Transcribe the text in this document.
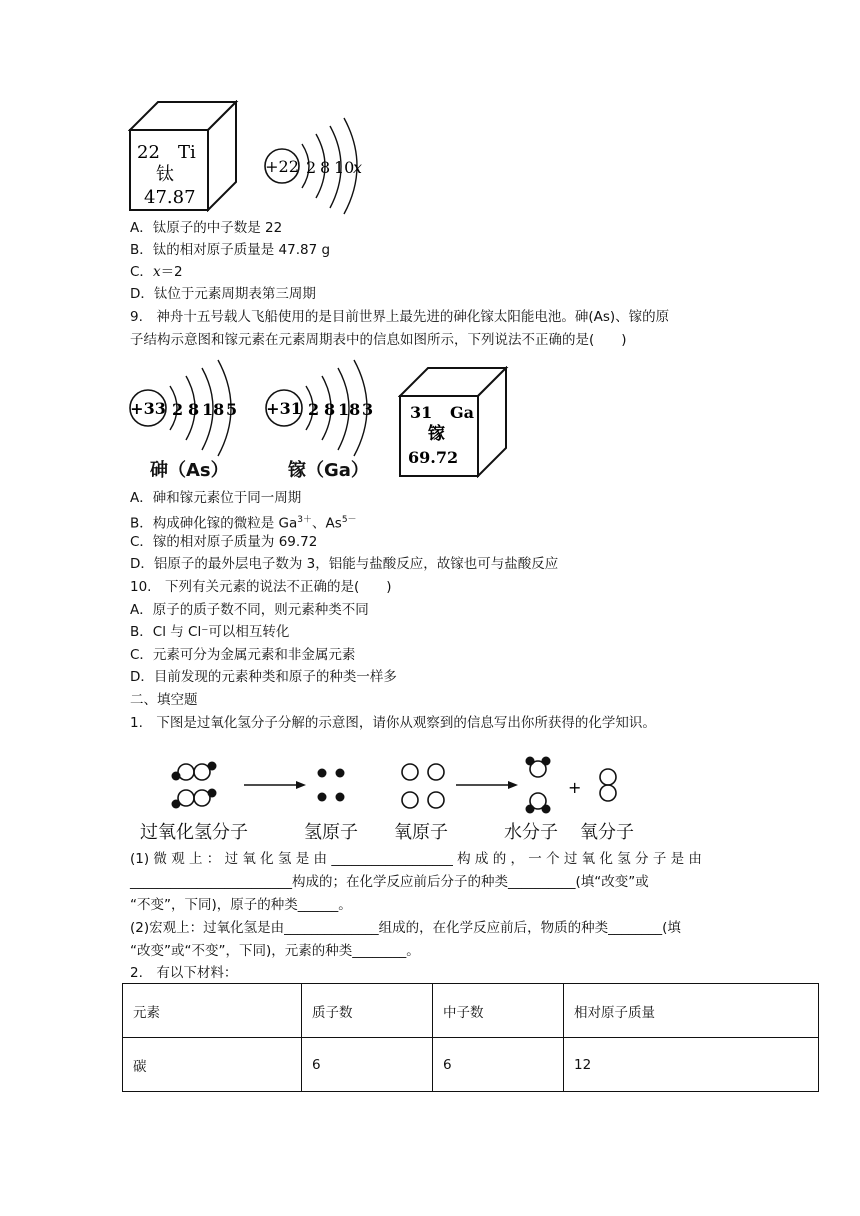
22 Ti
钛
47.87
+22 2 8 10
x
A．钛原子的中子数是 22
B．钛的相对原子质量是 47.87 g
C．x＝2
D．钛位于元素周期表第三周期
9.　神舟十五号载人飞船使用的是目前世界上最先进的砷化镓太阳能电池。砷(As)、镓的原
子结构示意图和镓元素在元素周期表中的信息如图所示，下列说法不正确的是(　　)
+33 2 8 18 5
砷（As）
+31 2 8 18 3
镓（Ga）
31 Ga
镓
69.72
A．砷和镓元素位于同一周期
B．构成砷化镓的微粒是 $Ga^{3+}$、$As^{5-}$
C．镓的相对原子质量为 69.72
D．铝原子的最外层电子数为 3，铝能与盐酸反应，故镓也可与盐酸反应
10.　下列有关元素的说法不正确的是(　　)
A．原子的质子数不同，则元素种类不同
B．Cl 与 Cl⁻可以相互转化
C．元素可分为金属元素和非金属元素
D．目前发现的元素种类和原子的种类一样多
二、填空题
1.　下图是过氧化氢分子分解的示意图，请你从观察到的信息写出你所获得的化学知识。
+
过氧化氢分子	氢原子 氧原子	水分子 氧分子
(1) 微 观 上 ： 过 氧 化 氢 是 由 __________________ 构 成 的 ， 一 个 过 氧 化 氢 分 子 是 由
________________________构成的；在化学反应前后分子的种类__________(填“改变”或
“不变”，下同)，原子的种类______。
(2)宏观上：过氧化氢是由______________组成的，在化学反应前后，物质的种类________(填
“改变”或“不变”，下同)，元素的种类________。
2.　有以下材料：
元素	质子数	中子数	相对原子质量
碳	6	6	12
